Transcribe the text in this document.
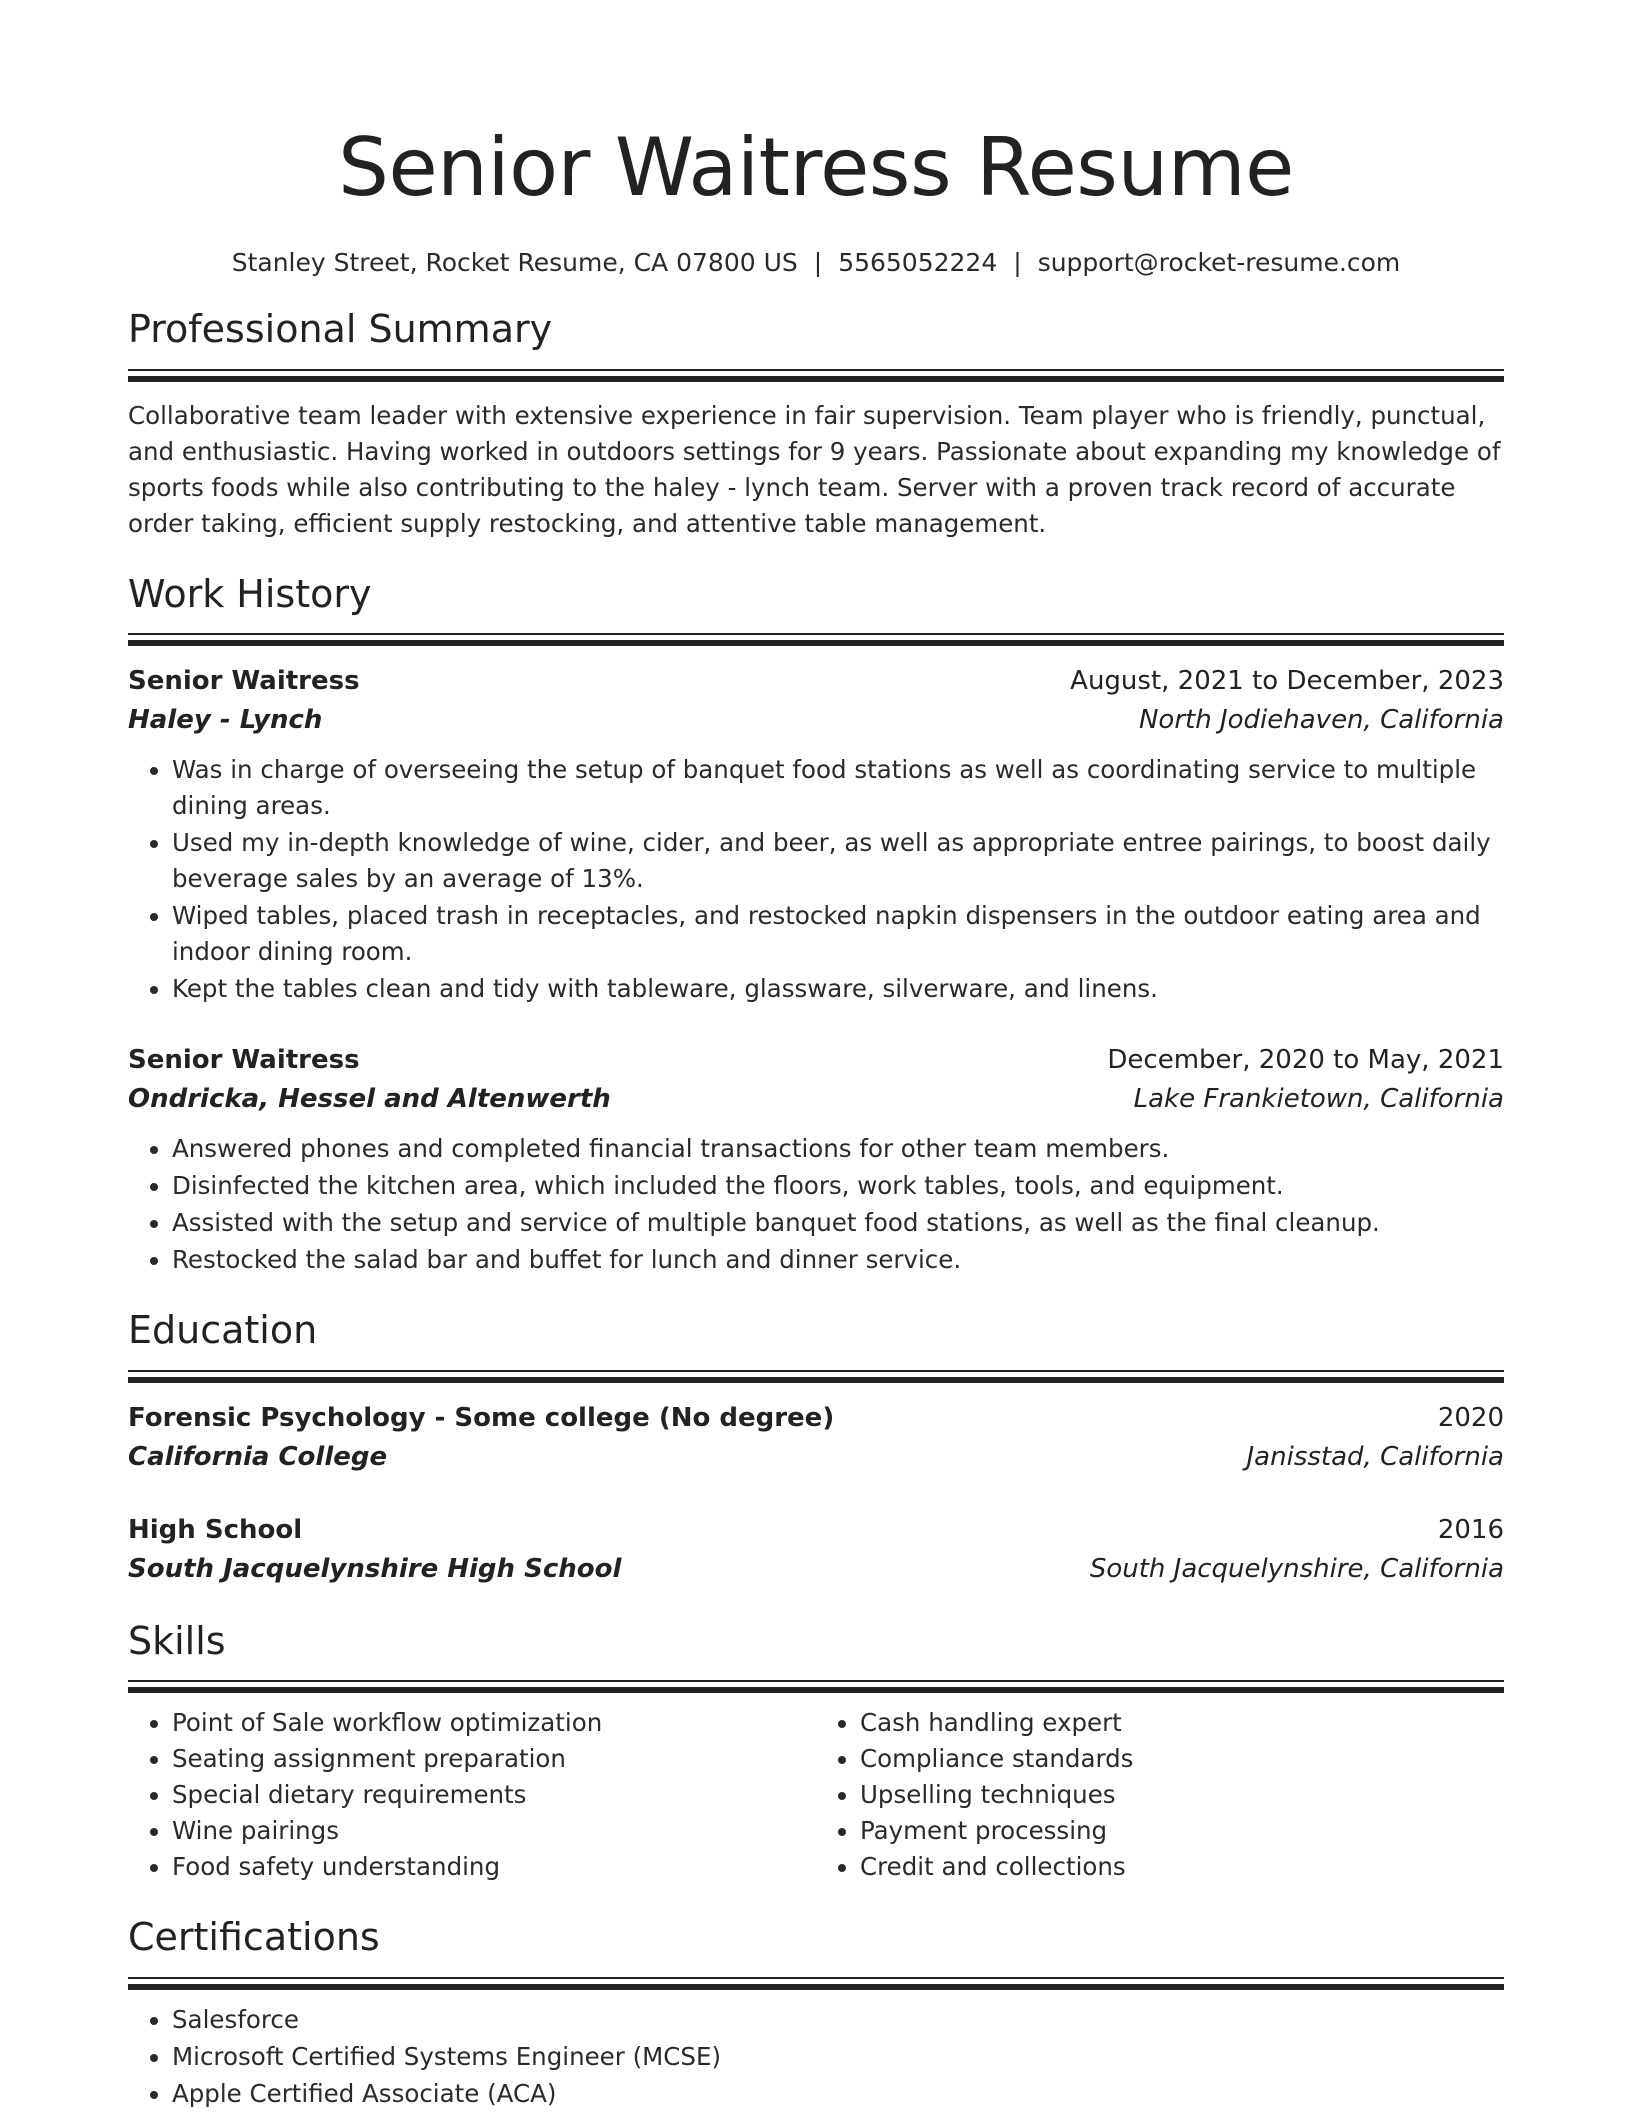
Senior Waitress Resume
Stanley Street, Rocket Resume, CA 07800 US | 5565052224 | support@rocket-resume.com
Professional Summary
Collaborative team leader with extensive experience in fair supervision. Team player who is friendly, punctual, and enthusiastic. Having worked in outdoors settings for 9 years. Passionate about expanding my knowledge of sports foods while also contributing to the haley - lynch team. Server with a proven track record of accurate order taking, efficient supply restocking, and attentive table management.
Work History
Senior Waitress	August, 2021 to December, 2023
Haley - Lynch	North Jodiehaven, California
• Was in charge of overseeing the setup of banquet food stations as well as coordinating service to multiple dining areas.
• Used my in-depth knowledge of wine, cider, and beer, as well as appropriate entree pairings, to boost daily beverage sales by an average of 13%.
• Wiped tables, placed trash in receptacles, and restocked napkin dispensers in the outdoor eating area and indoor dining room.
• Kept the tables clean and tidy with tableware, glassware, silverware, and linens.
Senior Waitress	December, 2020 to May, 2021
Ondricka, Hessel and Altenwerth	Lake Frankietown, California
• Answered phones and completed financial transactions for other team members.
• Disinfected the kitchen area, which included the floors, work tables, tools, and equipment.
• Assisted with the setup and service of multiple banquet food stations, as well as the final cleanup.
• Restocked the salad bar and buffet for lunch and dinner service.
Education
Forensic Psychology - Some college (No degree)	2020
California College	Janisstad, California
High School	2016
South Jacquelynshire High School	South Jacquelynshire, California
Skills
• Point of Sale workflow optimization
• Seating assignment preparation
• Special dietary requirements
• Wine pairings
• Food safety understanding
• Cash handling expert
• Compliance standards
• Upselling techniques
• Payment processing
• Credit and collections
Certifications
• Salesforce
• Microsoft Certified Systems Engineer (MCSE)
• Apple Certified Associate (ACA)
